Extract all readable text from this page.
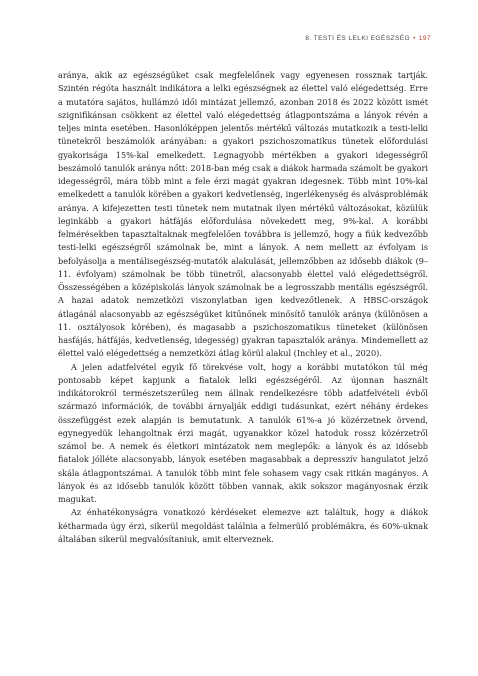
8. TESTI ÉS LELKI EGÉSZSÉG • 197

aránya, akik az egészségüket csak megfelelőnek vagy egyenesen rossznak tartják. Szintén régóta használt indikátora a lelki egészségnek az élettel való elégedettség. Erre a mutatóra sajátos, hullámzó idői mintázat jellemző, azonban 2018 és 2022 között ismét szignifikánsan csökkent az élettel való elégedettség átlagpontszáma a lányok révén a teljes minta esetében. Hasonlóképpen jelentős mértékű változás mutatkozik a testi-lelki tünetekről beszámolók arányában: a gyakori pszichoszomatikus tünetek előfordulási gyakorisága 15%-kal emelkedett. Legnagyobb mértékben a gyakori idegességről beszámoló tanulók aránya nőtt: 2018-ban még csak a diákok harmada számolt be gyakori idegességről, mára több mint a fele érzi magát gyakran idegesnek. Több mint 10%-kal emelkedett a tanulók körében a gyakori kedvetlenség, ingerlékenység és alvásproblémák aránya. A kifejezetten testi tünetek nem mutatnak ilyen mértékű változásokat, közülük leginkább a gyakori hátfájás előfordulása növekedett meg, 9%-kal. A korábbi felmérésekben tapasztaltaknak megfelelően továbbra is jellemző, hogy a fiúk kedvezőbb testi-lelki egészségről számolnak be, mint a lányok. A nem mellett az évfolyam is befolyásolja a mentálisegészség-mutatók alakulását, jellemzőbben az idősebb diákok (9–11. évfolyam) számolnak be több tünetről, alacsonyabb élettel való elégedettségről. Összességében a középiskolás lányok számolnak be a legrosszabb mentális egészségről. A hazai adatok nemzetközi viszonylatban igen kedvezőtlenek. A HBSC-országok átlagánál alacsonyabb az egészségüket kitűnőnek minősítő tanulók aránya (különösen a 11. osztályosok körében), és magasabb a pszichoszomatikus tüneteket (különösen hasfájás, hátfájás, kedvetlenség, idegesség) gyakran tapasztalók aránya. Mindemellett az élettel való elégedettség a nemzetközi átlag körül alakul (Inchley et al., 2020).

A jelen adatfelvétel egyik fő törekvése volt, hogy a korábbi mutatókon túl még pontosabb képet kapjunk a fiatalok lelki egészségéről. Az újonnan használt indikátorokról természetszerűleg nem állnak rendelkezésre több adatfelvételi évből származó információk, de további árnyalják eddigi tudásunkat, ezért néhány érdekes összefüggést ezek alapján is bemutatunk. A tanulók 61%-a jó közérzetnek örvend, egynegyedük lehangoltnak érzi magát, ugyanakkor közel hatoduk rossz közérzetről számol be. A nemek és életkori mintázatok nem meglepők: a lányok és az idősebb fiatalok jólléte alacsonyabb, lányok esetében magasabbak a depresszív hangulatot jelző skála átlagpontszámai. A tanulók több mint fele sohasem vagy csak ritkán magányos. A lányok és az idősebb tanulók között többen vannak, akik sokszor magányosnak érzik magukat.

Az énhatékonyságra vonatkozó kérdéseket elemezve azt találtuk, hogy a diákok kétharmada úgy érzi, sikerül megoldást találnia a felmerülő problémákra, és 60%-uknak általában sikerül megvalósítaniuk, amit elterveznek.
